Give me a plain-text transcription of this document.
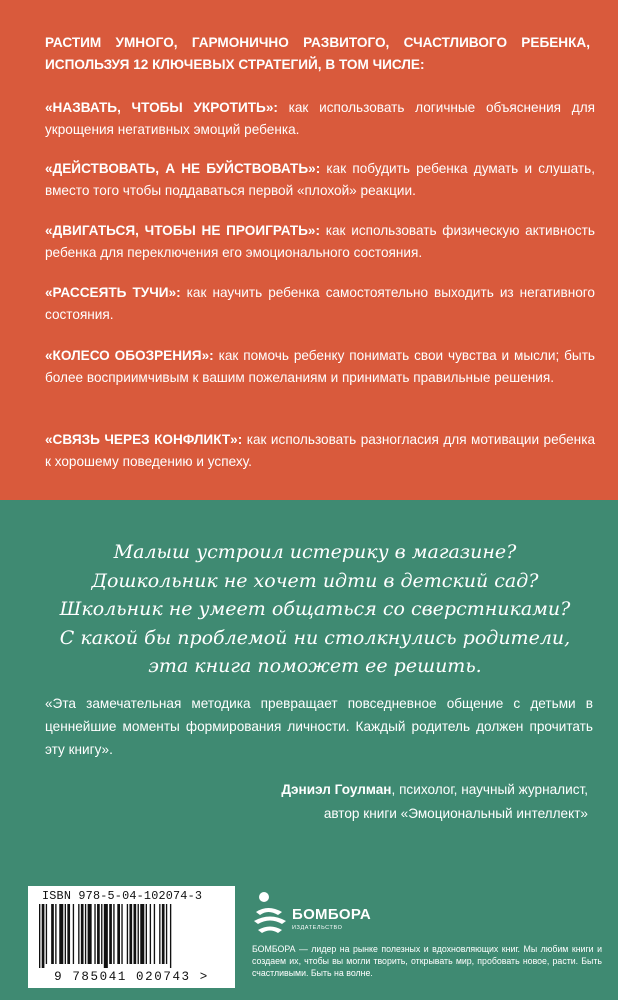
РАСТИМ УМНОГО, ГАРМОНИЧНО РАЗВИТОГО, СЧАСТЛИВОГО РЕБЕНКА, ИСПОЛЬЗУЯ 12 КЛЮЧЕВЫХ СТРАТЕГИЙ, В ТОМ ЧИСЛЕ:
«НАЗВАТЬ, ЧТОБЫ УКРОТИТЬ»: как использовать логичные объяснения для укрощения негативных эмоций ребенка.
«ДЕЙСТВОВАТЬ, А НЕ БУЙСТВОВАТЬ»: как побудить ребенка думать и слушать, вместо того чтобы поддаваться первой «плохой» реакции.
«ДВИГАТЬСЯ, ЧТОБЫ НЕ ПРОИГРАТЬ»: как использовать физическую активность ребенка для переключения его эмоционального состояния.
«РАССЕЯТЬ ТУЧИ»: как научить ребенка самостоятельно выходить из негативного состояния.
«КОЛЕСО ОБОЗРЕНИЯ»: как помочь ребенку понимать свои чувства и мысли; быть более восприимчивым к вашим пожеланиям и принимать правильные решения.
«СВЯЗЬ ЧЕРЕЗ КОНФЛИКТ»: как использовать разногласия для мотивации ребенка к хорошему поведению и успеху.
Малыш устроил истерику в магазине? Дошкольник не хочет идти в детский сад? Школьник не умеет общаться со сверстниками? С какой бы проблемой ни столкнулись родители, эта книга поможет ее решить.
«Эта замечательная методика превращает повседневное общение с детьми в ценнейшие моменты формирования личности. Каждый родитель должен прочитать эту книгу».
Дэниэл Гоулман, психолог, научный журналист,
автор книги «Эмоциональный интеллект»
ISBN 978-5-04-102074-3
9 785041 020743 >
БОМБОРА
ИЗДАТЕЛЬСТВО
БОМБОРА — лидер на рынке полезных и вдохновляющих книг. Мы любим книги и создаем их, чтобы вы могли творить, открывать мир, пробовать новое, расти. Быть счастливыми. Быть на волне.
